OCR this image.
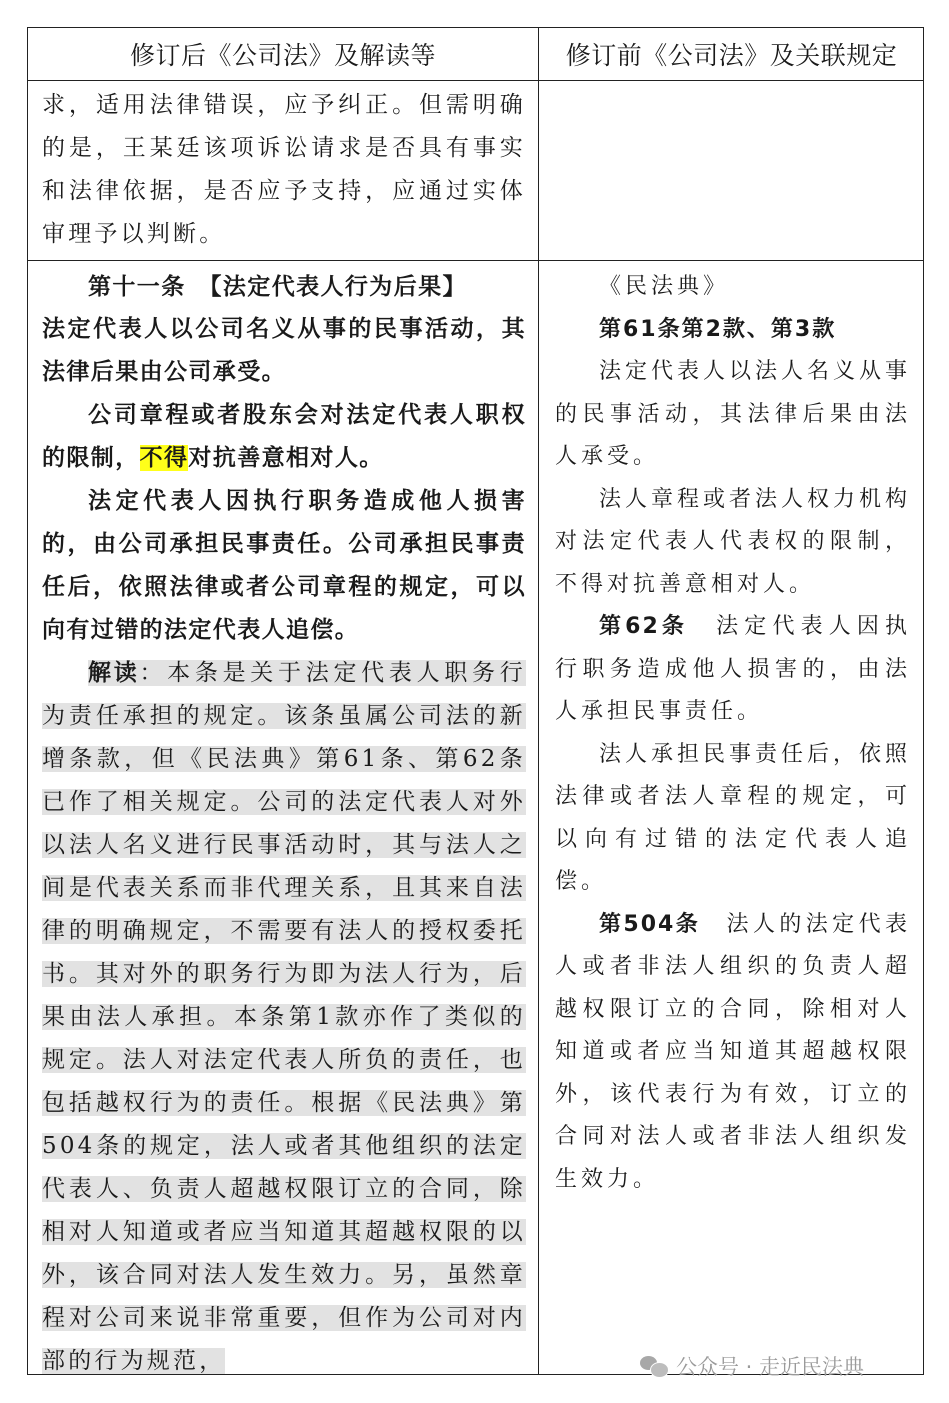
修订后《公司法》及解读等	修订前《公司法》及关联规定

求，适用法律错误，应予纠正。但需明确的是，王某廷该项诉讼请求是否具有事实和法律依据，是否应予支持，应通过实体审理予以判断。

第十一条　【法定代表人行为后果】

法定代表人以公司名义从事的民事活动，其法律后果由公司承受。

公司章程或者股东会对法定代表人职权的限制，不得对抗善意相对人。

法定代表人因执行职务造成他人损害的，由公司承担民事责任。公司承担民事责任后，依照法律或者公司章程的规定，可以向有过错的法定代表人追偿。

解读：本条是关于法定代表人职务行为责任承担的规定。该条虽属公司法的新增条款，但《民法典》第61条、第62条已作了相关规定。公司的法定代表人对外以法人名义进行民事活动时，其与法人之间是代表关系而非代理关系，且其来自法律的明确规定，不需要有法人的授权委托书。其对外的职务行为即为法人行为，后果由法人承担。本条第1款亦作了类似的规定。法人对法定代表人所负的责任，也包括越权行为的责任。根据《民法典》第504条的规定，法人或者其他组织的法定代表人、负责人超越权限订立的合同，除相对人知道或者应当知道其超越权限的以外，该合同对法人发生效力。另，虽然章程对公司来说非常重要，但作为公司对内部的行为规范，

《民法典》

第61条第2款、第3款

法定代表人以法人名义从事的民事活动，其法律后果由法人承受。

法人章程或者法人权力机构对法定代表人代表权的限制，不得对抗善意相对人。

第62条　 法定代表人因执行职务造成他人损害的，由法人承担民事责任。

法人承担民事责任后，依照法律或者法人章程的规定，可以向有过错的法定代表人追偿。

第504条　 法人的法定代表人或者非法人组织的负责人超越权限订立的合同，除相对人知道或者应当知道其超越权限外，该代表行为有效，订立的合同对法人或者非法人组织发生效力。

公众号 · 走近民法典
